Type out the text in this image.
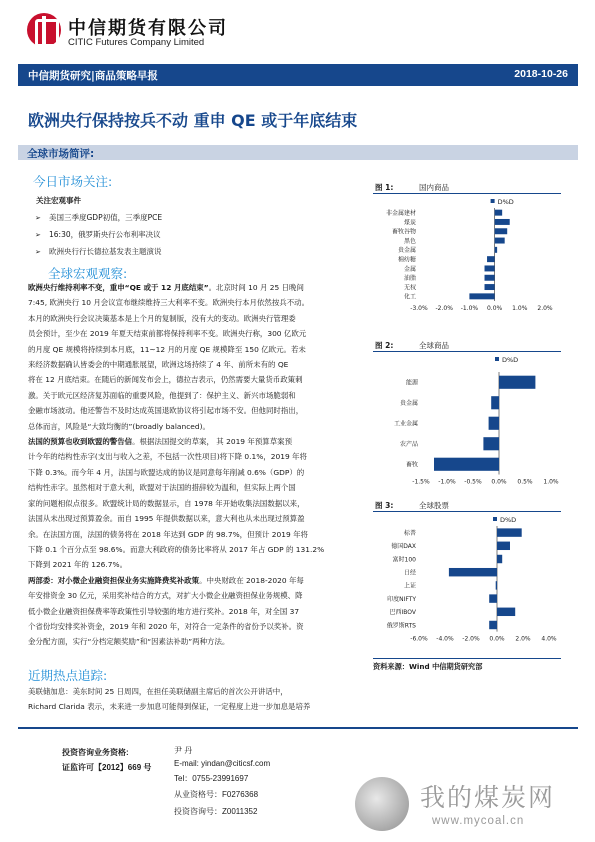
中信期货有限公司
CITIC Futures Company Limited
中信期货研究|商品策略早报	2018-10-26
欧洲央行保持按兵不动 重申 QE 或于年底结束
全球市场简评:
今日市场关注:
关注宏观事件
➢ 美国三季度GDP初值，三季度PCE
➢ 16:30，俄罗斯央行公布利率决议
➢ 欧洲央行行长德拉基发表主题演说
全球宏观观察:
欧洲央行维持利率不变，重申“QE 或于 12 月底结束”。北京时间 10 月 25 日晚间
7:45, 欧洲央行 10 月会议宣布继续维持三大利率不变。欧洲央行本月依然按兵不动。
本月的欧洲央行会议决策基本是上个月的复制版，没有大的变动。欧洲央行管理委
员会预计，至少在 2019 年夏天结束前都将保持利率不变。欧洲央行称，300 亿欧元
的月度 QE 规模将持续到本月底，11~12 月的月度 QE 规模降至 150 亿欧元。若未
来经济数据确认皆委会的中期通胀展望，欧洲这场持续了 4 年、前所未有的 QE
将在 12 月底结束。在随后的新闻发布会上，德拉吉表示，仍然需要大量货币政策刺
激。关于欧元区经济复苏面临的重要风险，他提到了：保护主义、新兴市场脆弱和
金融市场波动。他还警告不及时达成英国退欧协议将引起市场不安。但他同时指出，
总体而言，风险是“大致均衡的”(broadly balanced)。
法国的预算也收到欧盟的警告信。根据法国提交的草案， 其 2019 年预算草案预
计今年的结构性赤字(支出与收入之差，不包括一次性项目)将下降 0.1%，2019 年将
下降 0.3%。而今年 4 月，法国与欧盟达成的协议是同意每年削减 0.6%（GDP）的
结构性赤字。虽然相对于意大利，欧盟对于法国的措辞较为温和，但实际上两个国
家的问题相似点很多。欧盟统计局的数据显示，自 1978 年开始收集法国数据以来，
法国从未出现过预算盈余。而自 1995 年提供数据以来，意大利也从未出现过预算盈
余。在法国方面，法国的债务将在 2018 年达到 GDP 的 98.7%，但预计 2019 年将
下降 0.1 个百分点至 98.6%。而意大利政府的债务比率将从 2017 年占 GDP 的 131.2%
下降到 2021 年的 126.7%。
两部委：对小微企业融资担保业务实施降费奖补政策。中央财政在 2018-2020 年每
年安排资金 30 亿元，采用奖补结合的方式，对扩大小微企业融资担保业务规模、降
低小微企业融资担保费率等政策性引导较强的地方进行奖补。2018 年，对全国 37
个省份均安排奖补资金，2019 年和 2020 年，对符合一定条件的省份予以奖补。资
金分配方面，实行“分档定额奖励”和“因素法补助”两种方法。
近期热点追踪:
美联储加息：美东时间 25 日周四，在担任美联储副主席后的首次公开讲话中，
Richard Clarida 表示，未来进一步加息可能得到保证，一定程度上进一步加息是培养
图 1:	国内商品
D%D
非金属建材
煤炭
畜牧谷物
黑色
贵金属
棉纺糖
金属
油脂
无权
化工
-3.0% -2.0% -1.0% 0.0% 1.0% 2.0%
图 2:	全球商品
D%D
能源
贵金属
工业金属
农产品
畜牧
-1.5% -1.0% -0.5% 0.0% 0.5% 1.0%
图 3:	全球股票
D%D
标普
德国DAX
富时100
日经
上证
印度NIFTY
巴西IBOV
俄罗斯RTS
-6.0% -4.0% -2.0% 0.0% 2.0% 4.0%
资料来源：Wind 中信期货研究部
投资咨询业务资格:
证监许可【2012】669 号
尹 丹
E-mail: yindan@citicsf.com
Tel：0755-23991697
从业资格号：F0276368
投资咨询号：Z0011352	我的煤炭网
www.mycoal.cn
